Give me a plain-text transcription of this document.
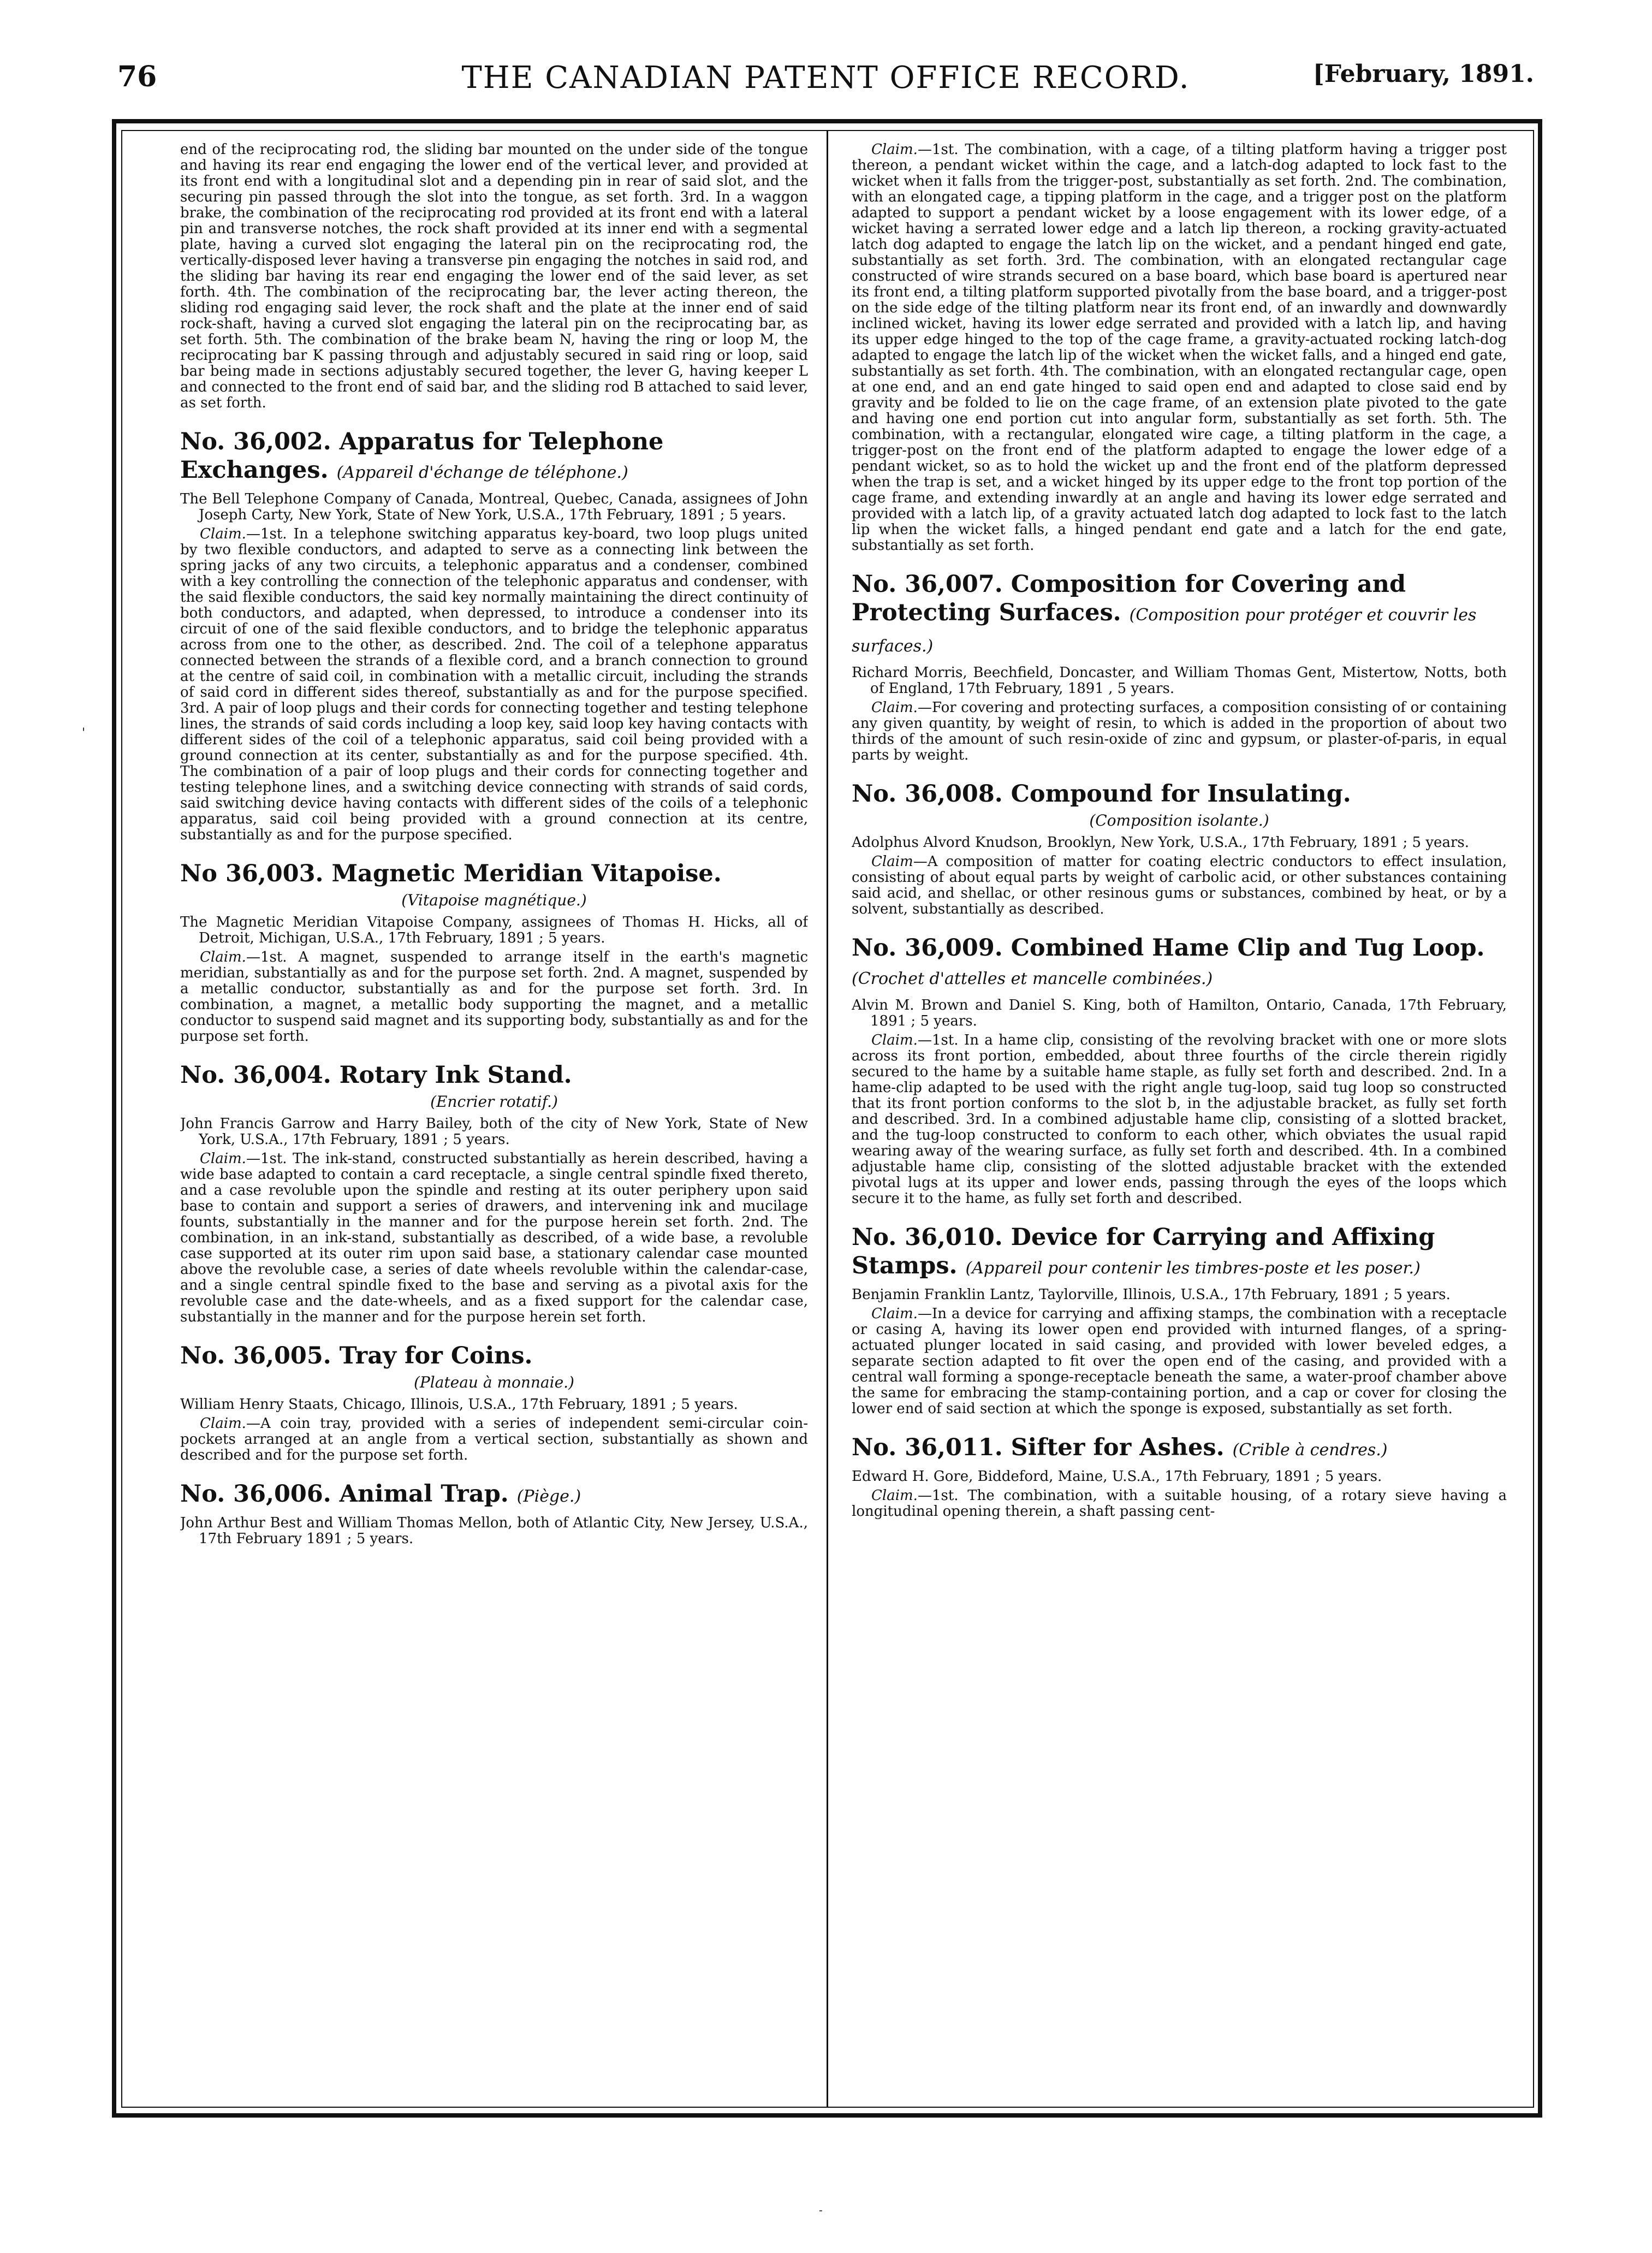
76	THE CANADIAN PATENT OFFICE RECORD.	[February, 1891.
'
-

end of the reciprocating rod, the sliding bar mounted on the under side of the tongue and having its rear end engaging the lower end of the vertical lever, and provided at its front end with a longitudinal slot and a depending pin in rear of said slot, and the securing pin passed through the slot into the tongue, as set forth. 3rd. In a waggon brake, the combination of the reciprocating rod provided at its front end with a lateral pin and transverse notches, the rock shaft provided at its inner end with a segmental plate, having a curved slot engaging the lateral pin on the reciprocating rod, the vertically-disposed lever having a transverse pin engaging the notches in said rod, and the sliding bar having its rear end engaging the lower end of the said lever, as set forth. 4th. The combination of the reciprocating bar, the lever acting thereon, the sliding rod engaging said lever, the rock shaft and the plate at the inner end of said rock-shaft, having a curved slot engaging the lateral pin on the reciprocating bar, as set forth. 5th. The combination of the brake beam N, having the ring or loop M, the reciprocating bar K passing through and adjustably secured in said ring or loop, said bar being made in sections adjustably secured together, the lever G, having keeper L and connected to the front end of said bar, and the sliding rod B attached to said lever, as set forth.

No. 36,002. Apparatus for Telephone Exchanges. (Appareil d'échange de téléphone.)

The Bell Telephone Company of Canada, Montreal, Quebec, Canada, assignees of John Joseph Carty, New York, State of New York, U.S.A., 17th February, 1891 ; 5 years.

Claim.—1st. In a telephone switching apparatus key-board, two loop plugs united by two flexible conductors, and adapted to serve as a connecting link between the spring jacks of any two circuits, a telephonic apparatus and a condenser, combined with a key controlling the connection of the telephonic apparatus and condenser, with the said flexible conductors, the said key normally maintaining the direct continuity of both conductors, and adapted, when depressed, to introduce a condenser into its circuit of one of the said flexible conductors, and to bridge the telephonic apparatus across from one to the other, as described. 2nd. The coil of a telephone apparatus connected between the strands of a flexible cord, and a branch connection to ground at the centre of said coil, in combination with a metallic circuit, including the strands of said cord in different sides thereof, substantially as and for the purpose specified. 3rd. A pair of loop plugs and their cords for connecting together and testing telephone lines, the strands of said cords including a loop key, said loop key having contacts with different sides of the coil of a telephonic apparatus, said coil being provided with a ground connection at its center, substantially as and for the purpose specified. 4th. The combination of a pair of loop plugs and their cords for connecting together and testing telephone lines, and a switching device connecting with strands of said cords, said switching device having contacts with different sides of the coils of a telephonic apparatus, said coil being provided with a ground connection at its centre, substantially as and for the purpose specified.

No 36,003. Magnetic Meridian Vitapoise.
(Vitapoise magnétique.)

The Magnetic Meridian Vitapoise Company, assignees of Thomas H. Hicks, all of Detroit, Michigan, U.S.A., 17th February, 1891 ; 5 years.

Claim.—1st. A magnet, suspended to arrange itself in the earth's magnetic meridian, substantially as and for the purpose set forth. 2nd. A magnet, suspended by a metallic conductor, substantially as and for the purpose set forth. 3rd. In combination, a magnet, a metallic body supporting the magnet, and a metallic conductor to suspend said magnet and its supporting body, substantially as and for the purpose set forth.

No. 36,004. Rotary Ink Stand.
(Encrier rotatif.)

John Francis Garrow and Harry Bailey, both of the city of New York, State of New York, U.S.A., 17th February, 1891 ; 5 years.

Claim.—1st. The ink-stand, constructed substantially as herein described, having a wide base adapted to contain a card receptacle, a single central spindle fixed thereto, and a case revoluble upon the spindle and resting at its outer periphery upon said base to contain and support a series of drawers, and intervening ink and mucilage founts, substantially in the manner and for the purpose herein set forth. 2nd. The combination, in an ink-stand, substantially as described, of a wide base, a revoluble case supported at its outer rim upon said base, a stationary calendar case mounted above the revoluble case, a series of date wheels revoluble within the calendar-case, and a single central spindle fixed to the base and serving as a pivotal axis for the revoluble case and the date-wheels, and as a fixed support for the calendar case, substantially in the manner and for the purpose herein set forth.

No. 36,005. Tray for Coins.
(Plateau à monnaie.)

William Henry Staats, Chicago, Illinois, U.S.A., 17th February, 1891 ; 5 years.

Claim.—A coin tray, provided with a series of independent semi-circular coin-pockets arranged at an angle from a vertical section, substantially as shown and described and for the purpose set forth.

No. 36,006. Animal Trap. (Piège.)

John Arthur Best and William Thomas Mellon, both of Atlantic City, New Jersey, U.S.A., 17th February 1891 ; 5 years.

Claim.—1st. The combination, with a cage, of a tilting platform having a trigger post thereon, a pendant wicket within the cage, and a latch-dog adapted to lock fast to the wicket when it falls from the trigger-post, substantially as set forth. 2nd. The combination, with an elongated cage, a tipping platform in the cage, and a trigger post on the platform adapted to support a pendant wicket by a loose engagement with its lower edge, of a wicket having a serrated lower edge and a latch lip thereon, a rocking gravity-actuated latch dog adapted to engage the latch lip on the wicket, and a pendant hinged end gate, substantially as set forth. 3rd. The combination, with an elongated rectangular cage constructed of wire strands secured on a base board, which base board is apertured near its front end, a tilting platform supported pivotally from the base board, and a trigger-post on the side edge of the tilting platform near its front end, of an inwardly and downwardly inclined wicket, having its lower edge serrated and provided with a latch lip, and having its upper edge hinged to the top of the cage frame, a gravity-actuated rocking latch-dog adapted to engage the latch lip of the wicket when the wicket falls, and a hinged end gate, substantially as set forth. 4th. The combination, with an elongated rectangular cage, open at one end, and an end gate hinged to said open end and adapted to close said end by gravity and be folded to lie on the cage frame, of an extension plate pivoted to the gate and having one end portion cut into angular form, substantially as set forth. 5th. The combination, with a rectangular, elongated wire cage, a tilting platform in the cage, a trigger-post on the front end of the platform adapted to engage the lower edge of a pendant wicket, so as to hold the wicket up and the front end of the platform depressed when the trap is set, and a wicket hinged by its upper edge to the front top portion of the cage frame, and extending inwardly at an angle and having its lower edge serrated and provided with a latch lip, of a gravity actuated latch dog adapted to lock fast to the latch lip when the wicket falls, a hinged pendant end gate and a latch for the end gate, substantially as set forth.

No. 36,007. Composition for Covering and Protecting Surfaces. (Composition pour protéger et couvrir les surfaces.)

Richard Morris, Beechfield, Doncaster, and William Thomas Gent, Mistertow, Notts, both of England, 17th February, 1891 , 5 years.

Claim.—For covering and protecting surfaces, a composition consisting of or containing any given quantity, by weight of resin, to which is added in the proportion of about two thirds of the amount of such resin-oxide of zinc and gypsum, or plaster-of-paris, in equal parts by weight.

No. 36,008. Compound for Insulating.
(Composition isolante.)

Adolphus Alvord Knudson, Brooklyn, New York, U.S.A., 17th February, 1891 ; 5 years.

Claim—A composition of matter for coating electric conductors to effect insulation, consisting of about equal parts by weight of carbolic acid, or other substances containing said acid, and shellac, or other resinous gums or substances, combined by heat, or by a solvent, substantially as described.

No. 36,009. Combined Hame Clip and Tug Loop. (Crochet d'attelles et mancelle combinées.)

Alvin M. Brown and Daniel S. King, both of Hamilton, Ontario, Canada, 17th February, 1891 ; 5 years.

Claim.—1st. In a hame clip, consisting of the revolving bracket with one or more slots across its front portion, embedded, about three fourths of the circle therein rigidly secured to the hame by a suitable hame staple, as fully set forth and described. 2nd. In a hame-clip adapted to be used with the right angle tug-loop, said tug loop so constructed that its front portion conforms to the slot b, in the adjustable bracket, as fully set forth and described. 3rd. In a combined adjustable hame clip, consisting of a slotted bracket, and the tug-loop constructed to conform to each other, which obviates the usual rapid wearing away of the wearing surface, as fully set forth and described. 4th. In a combined adjustable hame clip, consisting of the slotted adjustable bracket with the extended pivotal lugs at its upper and lower ends, passing through the eyes of the loops which secure it to the hame, as fully set forth and described.

No. 36,010. Device for Carrying and Affixing Stamps. (Appareil pour contenir les timbres-poste et les poser.)

Benjamin Franklin Lantz, Taylorville, Illinois, U.S.A., 17th February, 1891 ; 5 years.

Claim.—In a device for carrying and affixing stamps, the combination with a receptacle or casing A, having its lower open end provided with inturned flanges, of a spring-actuated plunger located in said casing, and provided with lower beveled edges, a separate section adapted to fit over the open end of the casing, and provided with a central wall forming a sponge-receptacle beneath the same, a water-proof chamber above the same for embracing the stamp-containing portion, and a cap or cover for closing the lower end of said section at which the sponge is exposed, substantially as set forth.

No. 36,011. Sifter for Ashes. (Crible à cendres.)

Edward H. Gore, Biddeford, Maine, U.S.A., 17th February, 1891 ; 5 years.

Claim.—1st. The combination, with a suitable housing, of a rotary sieve having a longitudinal opening therein, a shaft passing cent-
